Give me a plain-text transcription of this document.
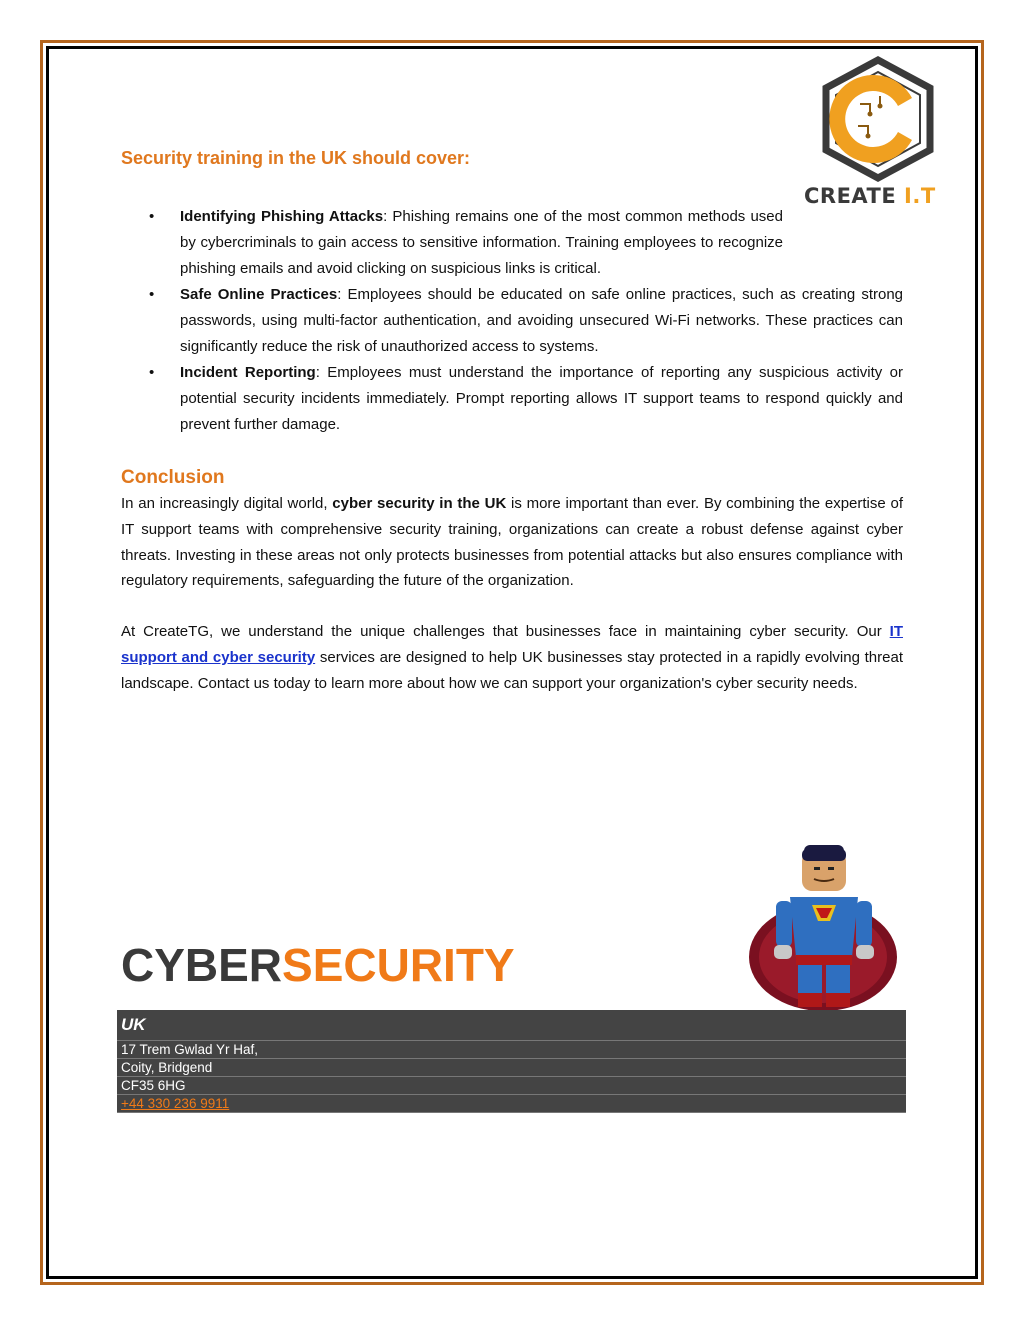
CREATE I.T
Security training in the UK should cover:
• Identifying Phishing Attacks: Phishing remains one of the most common methods used by cybercriminals to gain access to sensitive information. Training employees to recognize phishing emails and avoid clicking on suspicious links is critical.
• Safe Online Practices: Employees should be educated on safe online practices, such as creating strong passwords, using multi-factor authentication, and avoiding unsecured Wi-Fi networks. These practices can significantly reduce the risk of unauthorized access to systems.
• Incident Reporting: Employees must understand the importance of reporting any suspicious activity or potential security incidents immediately. Prompt reporting allows IT support teams to respond quickly and prevent further damage.
Conclusion

In an increasingly digital world, cyber security in the UK is more important than ever. By combining the expertise of IT support teams with comprehensive security training, organizations can create a robust defense against cyber threats. Investing in these areas not only protects businesses from potential attacks but also ensures compliance with regulatory requirements, safeguarding the future of the organization.

At CreateTG, we understand the unique challenges that businesses face in maintaining cyber security. Our IT support and cyber security services are designed to help UK businesses stay protected in a rapidly evolving threat landscape. Contact us today to learn more about how we can support your organization's cyber security needs.

CYBERSECURITY
UK
17 Trem Gwlad Yr Haf,
Coity, Bridgend
CF35 6HG
+44 330 236 9911
